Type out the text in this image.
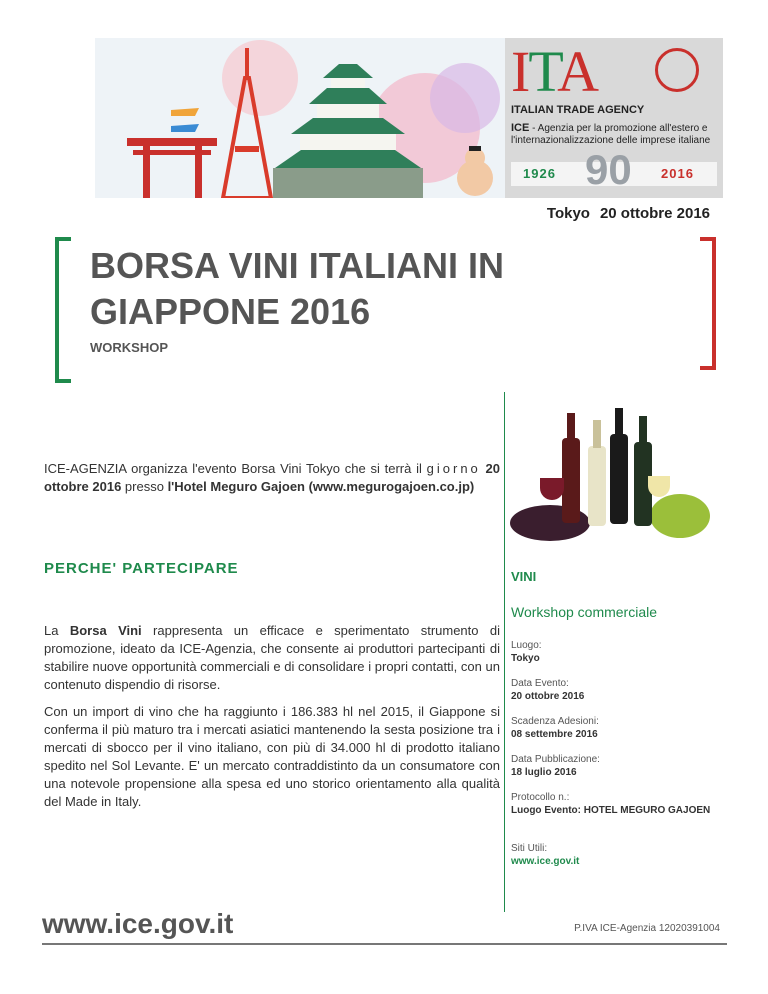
ITA
ITALIAN TRADE AGENCY
ICE - Agenzia per la promozione all'estero e l'internazionalizzazione delle imprese italiane
1926 90 2016
Tokyo 20 ottobre 2016
BORSA VINI ITALIANI IN GIAPPONE 2016
WORKSHOP

ICE-AGENZIA organizza l'evento Borsa Vini Tokyo che si terrà il giorno 20 ottobre 2016 presso l'Hotel Meguro Gajoen (www.megurogajoen.co.jp)

PERCHE' PARTECIPARE

La Borsa Vini rappresenta un efficace e sperimentato strumento di promozione, ideato da ICE-Agenzia, che consente ai produttori partecipanti di stabilire nuove opportunità commerciali e di consolidare i propri contatti, con un contenuto dispendio di risorse.

Con un import di vino che ha raggiunto i 186.383 hl nel 2015, il Giappone si conferma il più maturo tra i mercati asiatici mantenendo la sesta posizione tra i mercati di sbocco per il vino italiano, con più di 34.000 hl di prodotto italiano spedito nel Sol Levante. E' un mercato contraddistinto da un consumatore con una notevole propensione alla spesa ed uno storico orientamento alla qualità del Made in Italy.

VINI
Workshop commerciale
Luogo:
Tokyo
Data Evento:
20 ottobre 2016
Scadenza Adesioni:
08 settembre 2016
Data Pubblicazione:
18 luglio 2016
Protocollo n.:
Luogo Evento: HOTEL MEGURO GAJOEN
Siti Utili:
www.ice.gov.it
www.ice.gov.it	P.IVA ICE-Agenzia 12020391004
